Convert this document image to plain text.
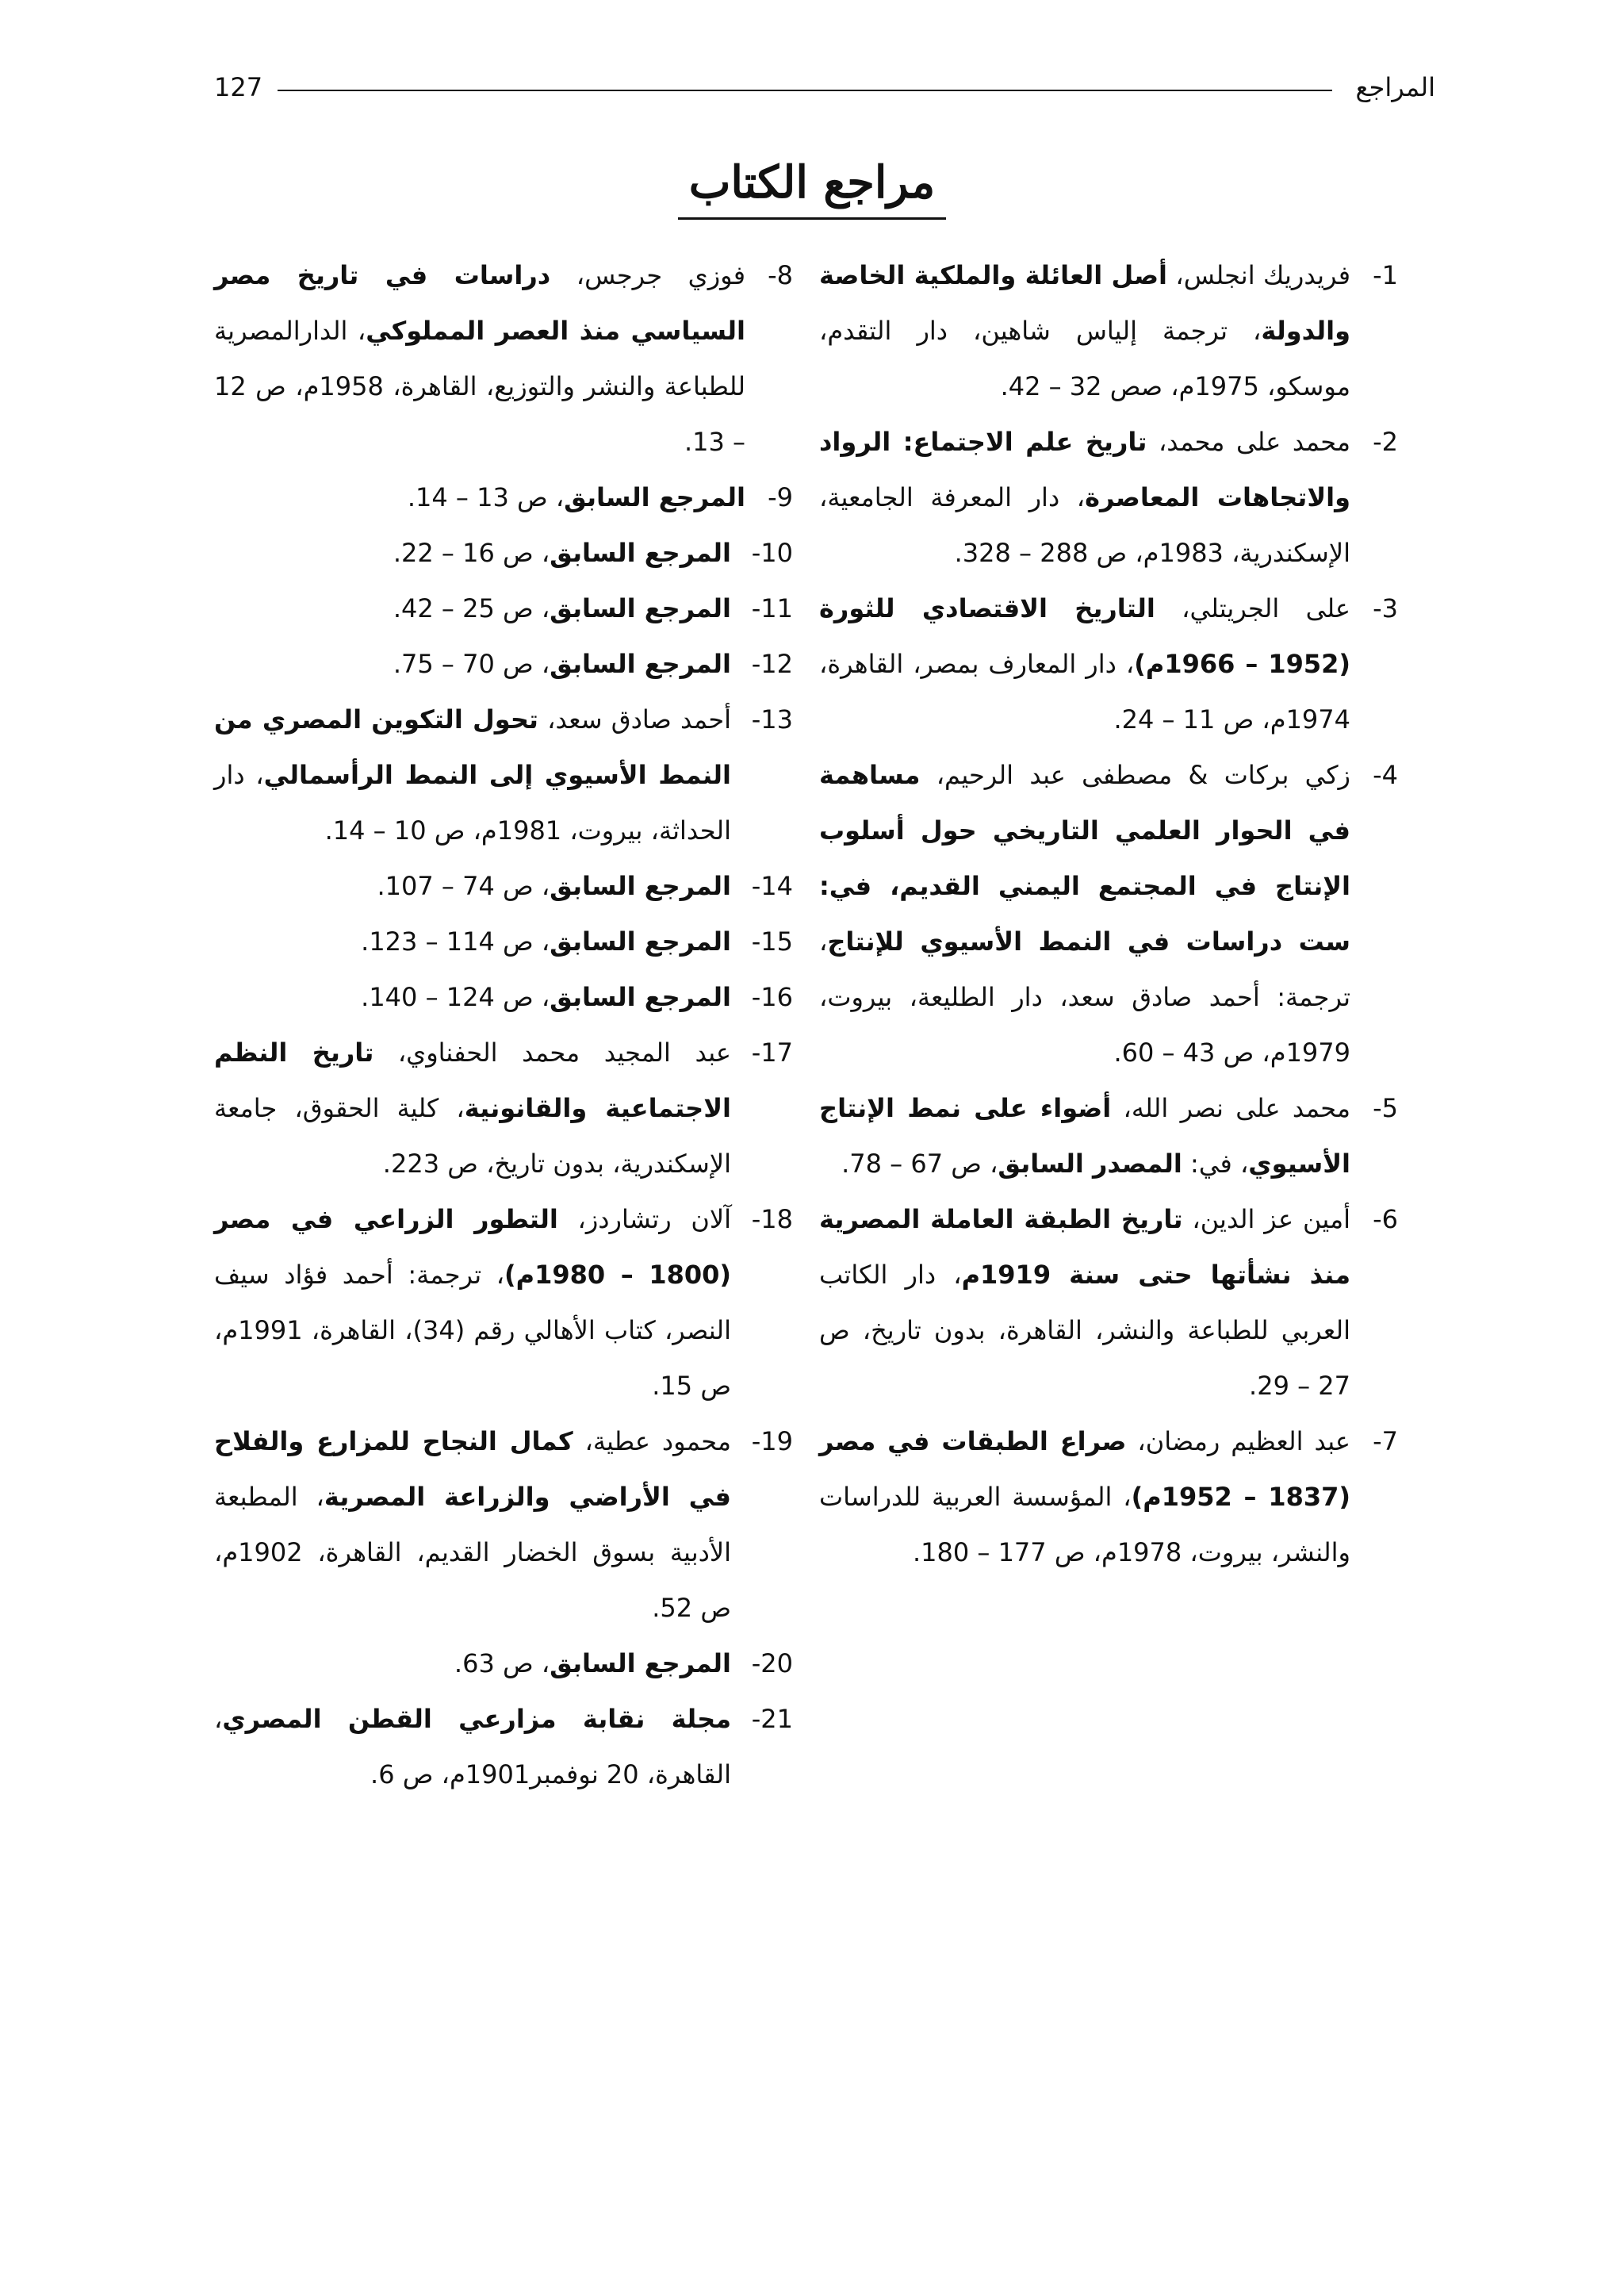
المراجع
127
مراجع الكتاب
1-
فريدريك انجلس، أصل العائلة والملكية الخاصة والدولة، ترجمة إلياس شاهين، دار التقدم، موسكو، 1975م، صص 32 – 42.
2-
محمد على محمد، تاريخ علم الاجتماع: الرواد والاتجاهات المعاصرة، دار المعرفة الجامعية، الإسكندرية، 1983م، ص 288 – 328.
3-
على الجريتلي، التاريخ الاقتصادي للثورة (1952 – 1966م)، دار المعارف بمصر، القاهرة، 1974م، ص 11 – 24.
4-
زكي بركات & مصطفى عبد الرحيم، مساهمة في الحوار العلمي التاريخي حول أسلوب الإنتاج في المجتمع اليمني القديم، في: ست دراسات في النمط الأسيوي للإنتاج، ترجمة: أحمد صادق سعد، دار الطليعة، بيروت، 1979م، ص 43 – 60.
5-
محمد على نصر الله، أضواء على نمط الإنتاج الأسيوي، في: المصدر السابق، ص 67 – 78.
6-
أمين عز الدين، تاريخ الطبقة العاملة المصرية منذ نشأتها حتى سنة 1919م، دار الكاتب العربي للطباعة والنشر، القاهرة، بدون تاريخ، ص 27 – 29.
7-
عبد العظيم رمضان، صراع الطبقات في مصر (1837 – 1952م)، المؤسسة العربية للدراسات والنشر، بيروت، 1978م، ص 177 – 180.
8-
فوزي جرجس، دراسات في تاريخ مصر السياسي منذ العصر المملوكي، الدارالمصرية للطباعة والنشر والتوزيع، القاهرة، 1958م، ص 12 – 13.
9-
المرجع السابق، ص 13 – 14.
10-
المرجع السابق، ص 16 – 22.
11-
المرجع السابق، ص 25 – 42.
12-
المرجع السابق، ص 70 – 75.
13-
أحمد صادق سعد، تحول التكوين المصري من النمط الأسيوي إلى النمط الرأسمالي، دار الحداثة، بيروت، 1981م، ص 10 – 14.
14-
المرجع السابق، ص 74 – 107.
15-
المرجع السابق، ص 114 – 123.
16-
المرجع السابق، ص 124 – 140.
17-
عبد المجيد محمد الحفناوي، تاريخ النظم الاجتماعية والقانونية، كلية الحقوق، جامعة الإسكندرية، بدون تاريخ، ص 223.
18-
آلان رتشاردز، التطور الزراعي في مصر (1800 – 1980م)، ترجمة: أحمد فؤاد سيف النصر، كتاب الأهالي رقم (34)، القاهرة، 1991م، ص 15.
19-
محمود عطية، كمال النجاح للمزارع والفلاح في الأراضي والزراعة المصرية، المطبعة الأدبية بسوق الخضار القديم، القاهرة، 1902م، ص 52.
20-
المرجع السابق، ص 63.
21-
مجلة نقابة مزارعي القطن المصري، القاهرة، 20 نوفمبر1901م، ص 6.
